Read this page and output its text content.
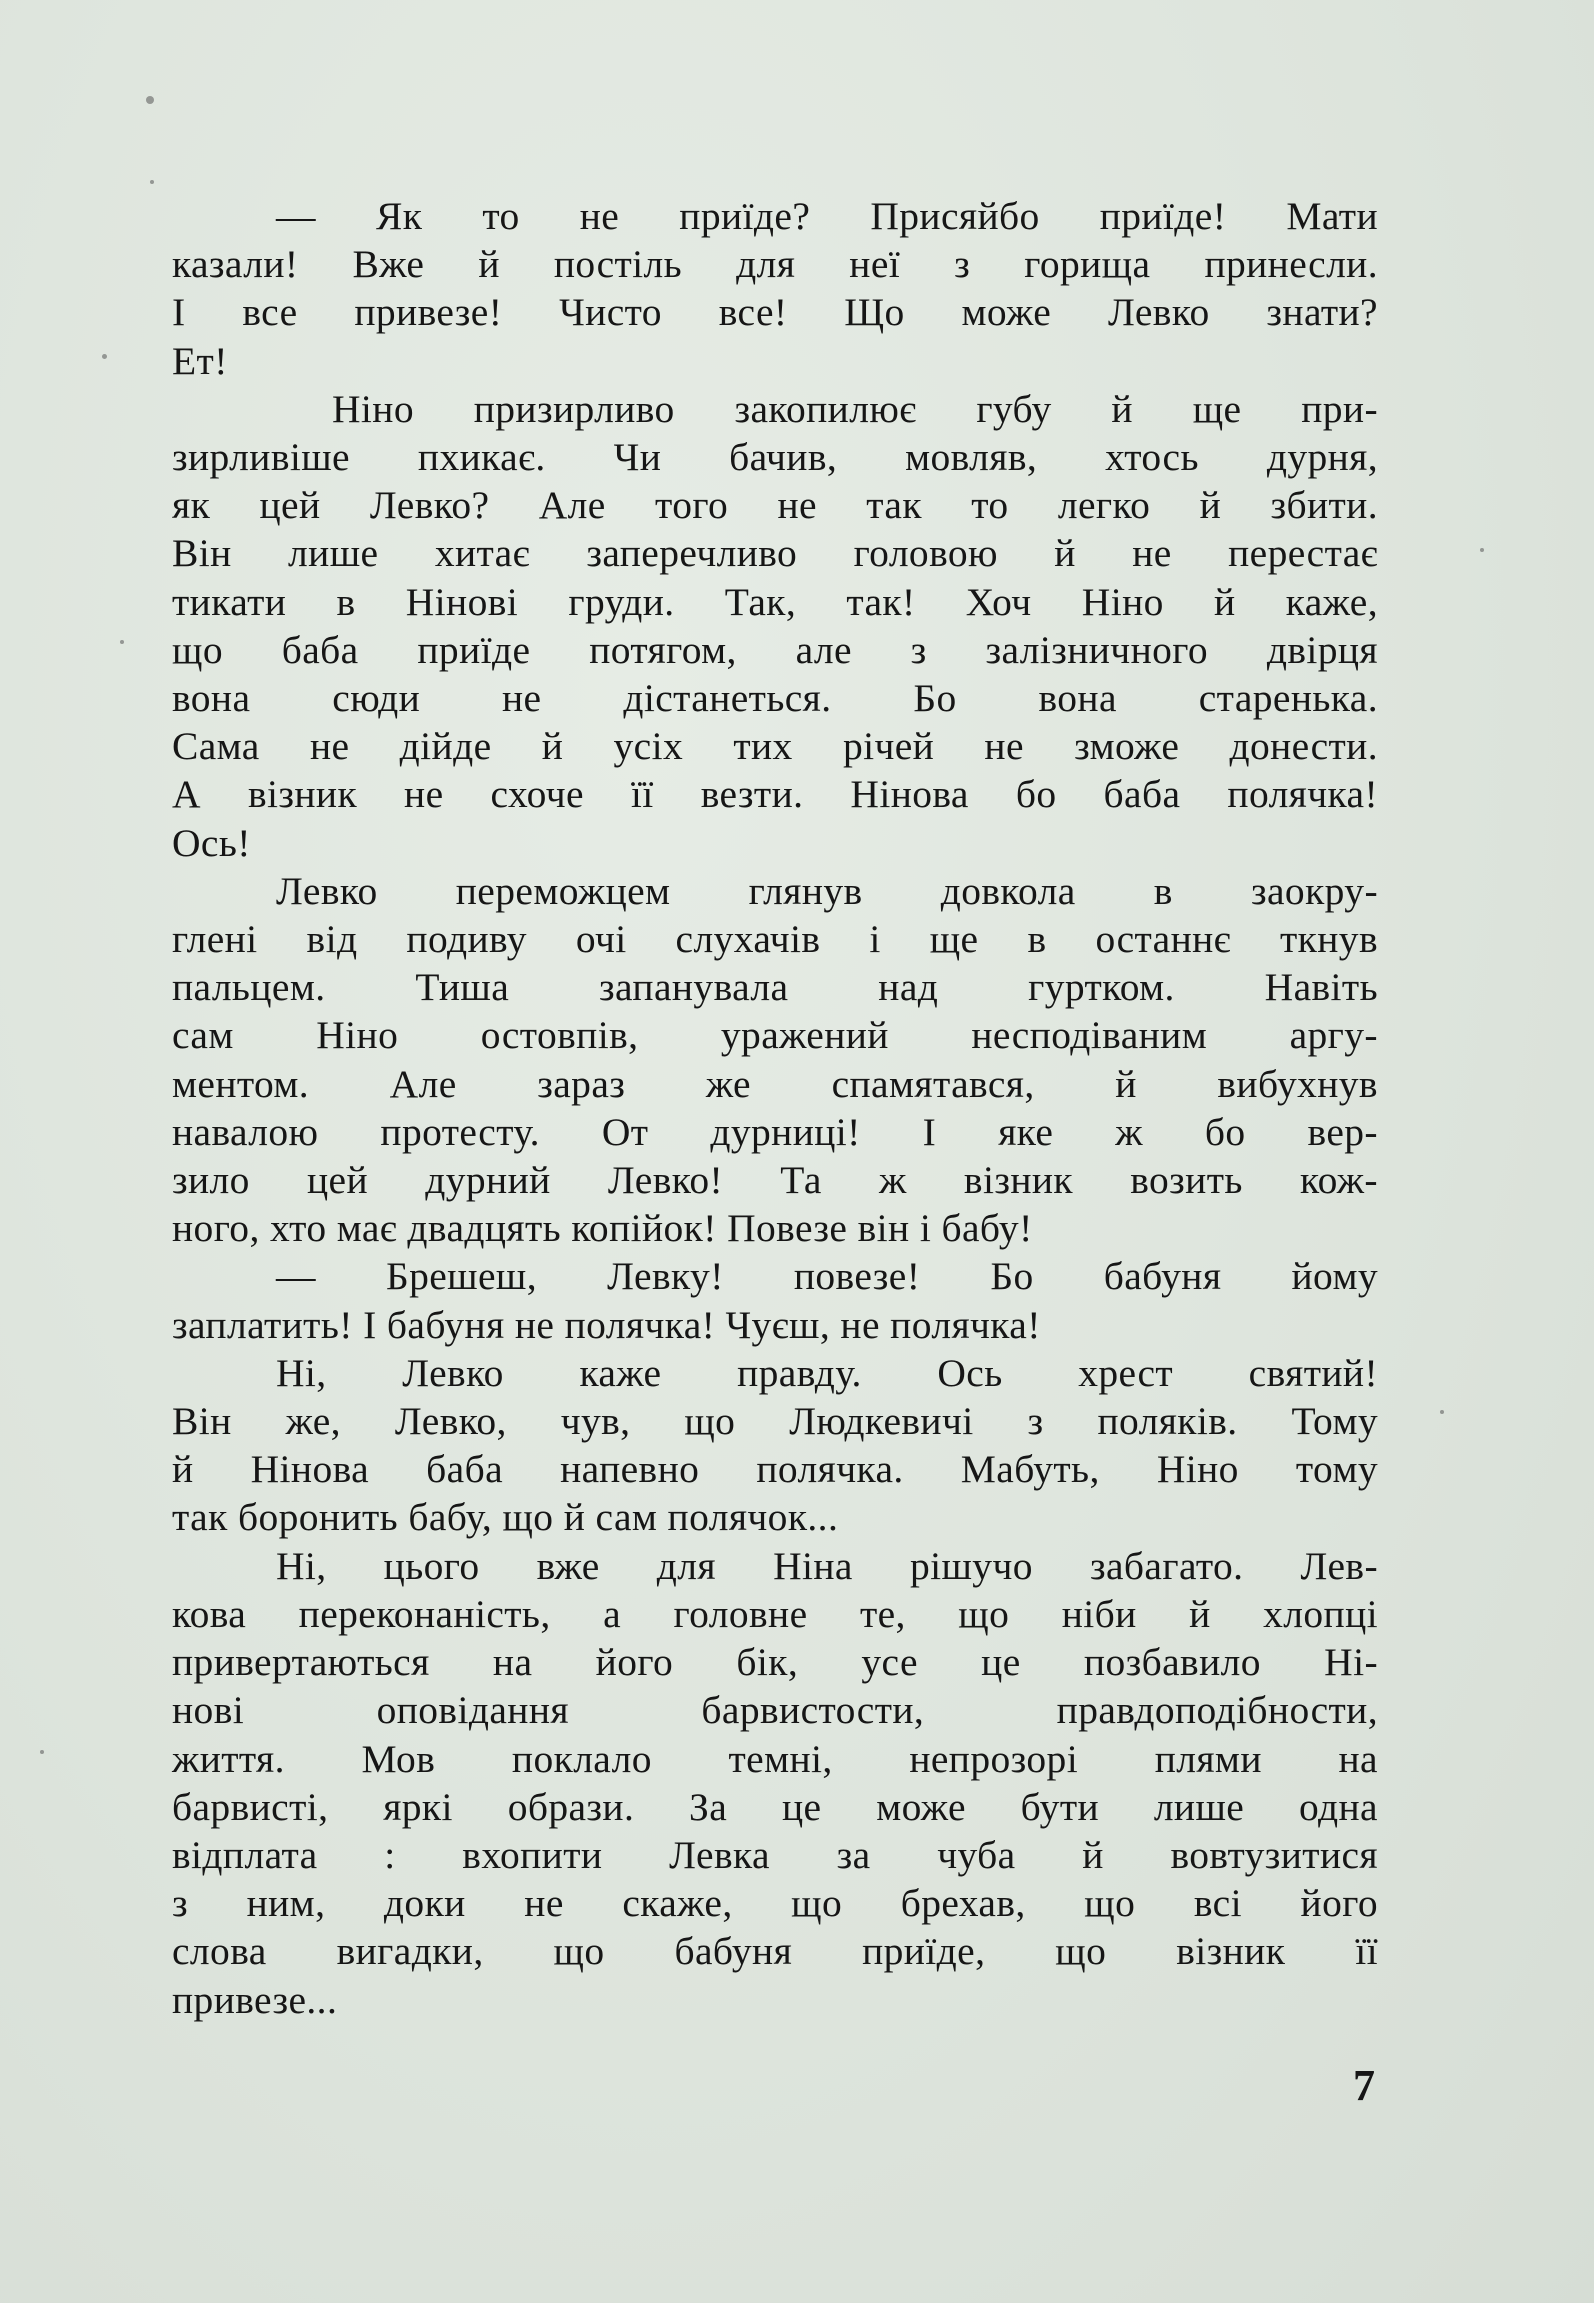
— Як то не приїде? Присяйбо приїде! Мати
казали! Вже й постіль для неї з горища принесли.
І все привезе! Чисто все! Що може Левко знати?
Ет!
Ніно призирливо закопилює губу й ще при-
зирливіше пхикає. Чи бачив, мовляв, хтось дурня,
як цей Левко? Але того не так то легко й збити.
Він лише хитає заперечливо головою й не перестає
тикати в Нінові груди. Так, так! Хоч Ніно й каже,
що баба приїде потягом, але з залізничного двірця
вона сюди не дістанеться. Бо вона старенька.
Сама не дійде й усіх тих річей не зможе донести.
А візник не схоче її везти. Нінова бо баба полячка!
Ось!
Левко переможцем глянув довкола в заокру-
глені від подиву очі слухачів і ще в останнє ткнув
пальцем. Тиша запанувала над гуртком. Навіть
сам Ніно остовпів, уражений несподіваним аргу-
ментом. Але зараз же спамятався, й вибухнув
навалою протесту. От дурниці! І яке ж бо вер-
зило цей дурний Левко! Та ж візник возить кож-
ного, хто має двадцять копійок! Повезе він і бабу!
— Брешеш, Левку! повезе! Бо бабуня йому
заплатить! І бабуня не полячка! Чуєш, не полячка!
Ні, Левко каже правду. Ось хрест святий!
Він же, Левко, чув, що Людкевичі з поляків. Тому
й Нінова баба напевно полячка. Мабуть, Ніно тому
так боронить бабу, що й сам полячок...
Ні, цього вже для Ніна рішучо забагато. Лев-
кова переконаність, а головне те, що ніби й хлопці
привертаються на його бік, усе це позбавило Ні-
нові оповідання барвистости, правдоподібности,
життя. Мов поклало темні, непрозорі плями на
барвисті, яркі образи. За це може бути лише одна
відплата : вхопити Левка за чуба й вовтузитися
з ним, доки не скаже, що брехав, що всі його
слова вигадки, що бабуня приїде, що візник її
привезе...
7
